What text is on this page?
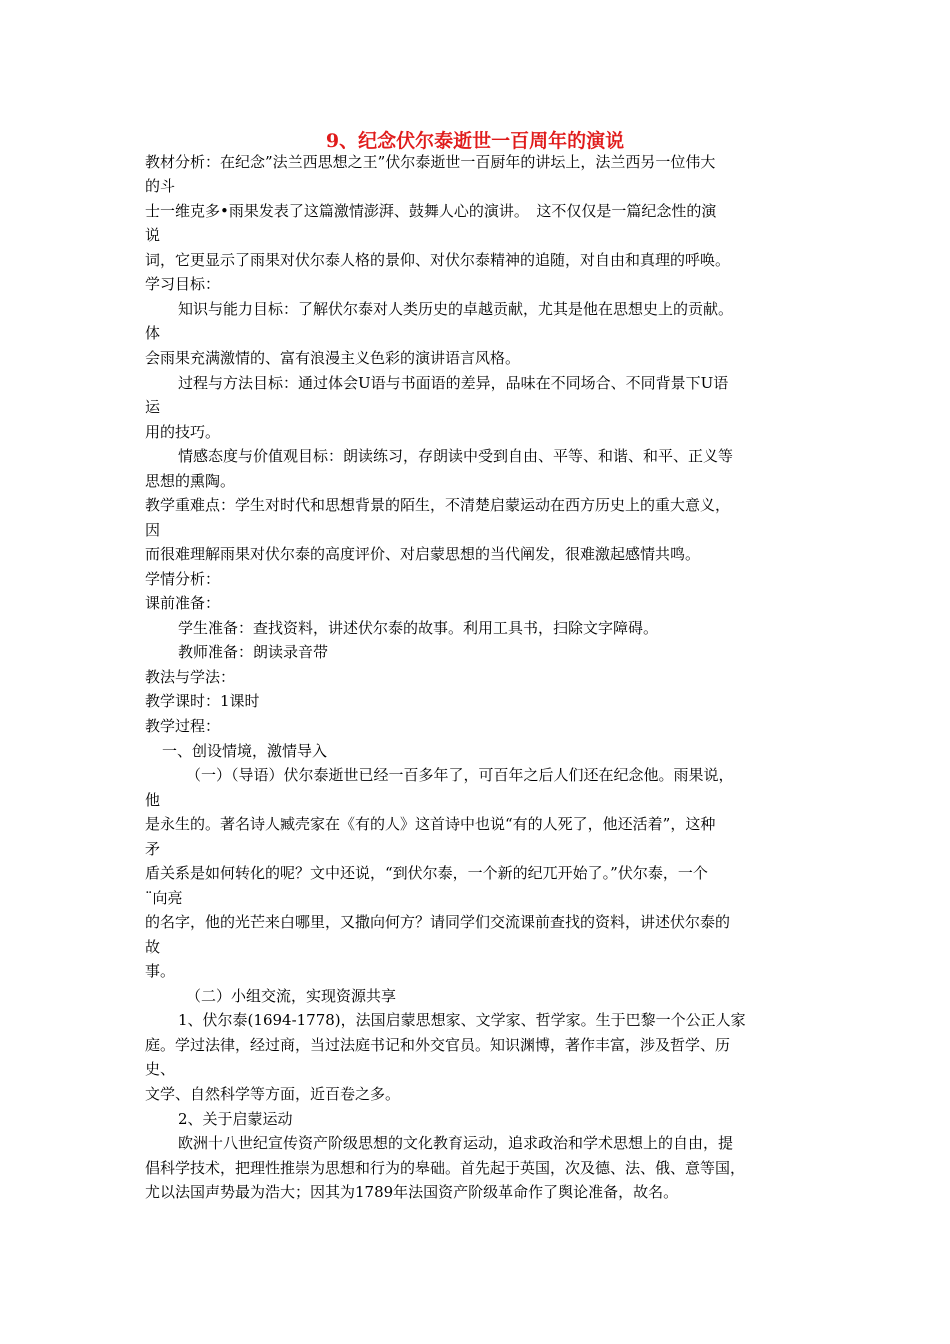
9、纪念伏尔泰逝世一百周年的演说
教材分析：在纪念”法兰西思想之王”伏尔泰逝世一百厨年的讲坛上，法兰西另一位伟大
的斗
士一维克多•雨果发表了这篇激情澎湃、鼓舞人心的演讲。　这不仅仅是一篇纪念性的演
说
词，它更显示了雨果对伏尔泰人格的景仰、对伏尔泰精神的追随，对自由和真理的呼唤。
学习目标：
知识与能力目标：了解伏尔泰对人类历史的卓越贡献，尤其是他在思想史上的贡献。
体
会雨果充满激情的、富有浪漫主义色彩的演讲语言风格。
过程与方法目标：通过体会U语与书面语的差异，品味在不同场合、不同背景下U语
运
用的技巧。
情感态度与价值观目标：朗读练习，存朗读中受到自由、平等、和谐、和平、正义等
思想的熏陶。
教学重难点：学生对时代和思想背景的陌生，不清楚启蒙运动在西方历史上的重大意义，
因
而很难理解雨果对伏尔泰的高度评价、对启蒙思想的当代阐发，很难激起感情共鸣。
学情分析：
课前准备：
学生准备：查找资料，讲述伏尔泰的故事。利用工具书，扫除文字障碍。
教师准备：朗读录音带
教法与学法：
教学课时：1课时
教学过程：
一、创设情境，激情导入
（一）（导语）伏尔泰逝世已经一百多年了，可百年之后人们还在纪念他。雨果说，
他
是永生的。著名诗人臧壳家在《有的人》这首诗中也说“有的人死了，他还活着”，这种
矛
盾关系是如何转化的呢？文中还说，“到伏尔泰，一个新的纪兀开始了。”伏尔泰，一个
¨向亮
的名字，他的光芒来白哪里，又撒向何方？请同学们交流课前查找的资料，讲述伏尔泰的
故
事。
（二）小组交流，实现资源共享
1、伏尔泰(1694-1778)，法国启蒙思想家、文学家、哲学家。生于巴黎一个公正人家
庭。学过法律，经过商，当过法庭书记和外交官员。知识渊博，著作丰富，涉及哲学、历
史、
文学、自然科学等方面，近百卷之多。
2、关于启蒙运动
欧洲十八世纪宣传资产阶级思想的文化教育运动，追求政治和学术思想上的自由，提
倡科学技术，把理性推崇为思想和行为的皋础。首先起于英国，次及德、法、俄、意等国，
尤以法国声势最为浩大；因其为1789年法国资产阶级革命作了舆论准备，故名。
